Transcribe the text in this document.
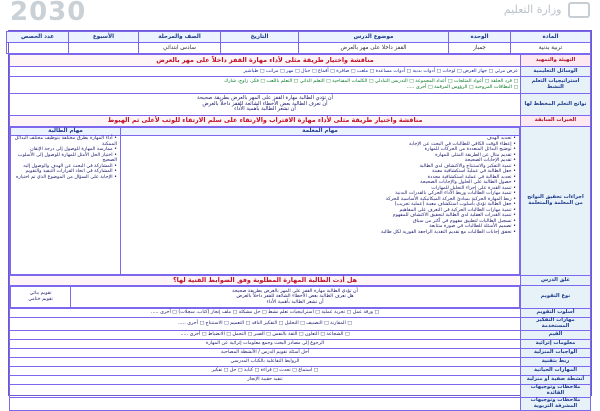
2030	وزارة التعليم
المادة	الوحدة	موضوع الدرس	التاريخ	الصف والمرحلة	الأسبوع	عدد الحصص
تربية بدنية	جمباز	القفز داخلا على مهر بالعرض		سادس ابتدائي		
التهيئة والتمهيد	مناقشة واختيار طريقة مثلى لأداء مهارة القفز داخلاً على مهر بالعرض
الوسائل التعليمية	عرض مرئي □ جهاز العرض □ لوحات □ أدوات بدنية □ أدوات مساعدة □ ملعب □ صافرة □ أقماع □ حبال □ مهر □ مراتب □ طباشير
استراتيجيات التعلم النشط	
□ قرد الحلقة □ أعواد المثلجات □ أعداد المجموعة □ التدريس التبادلي □ الكلمات المفتاحية □ التعلم الذاتي □ التعلم باللعب □ فكر، زاوج، شارك
□ البطاقات المروحية □ الرؤوس المرقمة □ أخرى .....

نواتج التعلم المخطط لها	
أن تؤدي الطالبة مهارة القفز على المهر بالعرض بطريقة صحيحة
أن تعرف الطالبة بعض الأخطاء الشائعة للقفز داخلاً بالعرض
أن تشعر الطالبة بأهمية الأداء

الخبرات السابقة	مناقشة واختيار طريقة مثلى لأداء مهارة الاقتراب والارتقاء على سلم الارتقاء للوثب لأعلى ثم الهبوط
اجراءات تحقيق النواتج من المعلمة والمتعلمة	
مهام المعلمة	مهام الطالبة

• تحديد الهدف
• إعطاء الوقت الكافي للطالبات في البحث عن الإجابة
• توضيح البدائل المتعددة من الحركات للمهارة
• تقديم مثال عن الطريقة المثلى للمهارة
• تقديم الإجابات الصحيحة
• تنمية التفكير والاستنتاج والاكتشاف لدى الطالبة
• جعل الطالبة في عملية استكشافية معينة
• تحديد الطالبة في عملية استكشافية محددة
• حصول الطالبة على الحلول والإجابات الصحيحة
• تنمية القدرة على إجراء التحليل للمهارات
• تنمية مهارات الطالبات وربط الأداء الحركي بالقدرات البدنية
• ربط المهارة الحركية بمبادئ الحركة الميكانيكية الأساسية للحركة
• جعل الطالبة تؤدي بأسلوب استكشاف معينة (عملية تجريب)
• تنمية مهارات الطالبات الحركية في التعرف على المفاهيم
• تنمية القدرات العقلية لدى الطالبة لتحقيق الاكتشاف للمفهوم
• تسجيل الطالبات لتطبيق مفهوم في أكثر من سياق
• تصميم الأسئلة للطالبات في صورة متتابعة
• تحقق إجابات الطالبات مع تقديم التغذية الراجعة الفورية لكل طالبة

• أداء المهارة بطرق مختلفة بتوظيف مختلف البدائل الممكنة
• ممارسة المهارة للوصول إلى درجة الإتقان
• اختيار الحل الأمثل للمهارة للوصول إلى الأسلوب الصحيح
• المشاركة في البحث عن الهدف والوصول إليه
• المشاركة في اتخاذ القرارات التنفيذ والتقويم
• الإجابة على السؤال من الموضوع الذي تم اختياره

غلق الدرس	هل أدت الطالبة المهارة المطلوبة وفق الضوابط الفنية لها؟
نوع التقويم	
أن تؤدي الطالبة مهارة القفز على المهر بالعرض بطريقة صحيحة
هل تعرف الطالبة بعض الأخطاء الشائعة للقفز داخلاً بالعرض
أن تشعر الطالبة بأهمية الأداء

تقويم بنائي
تقويم ختامي

أسلوب التقويم	□ ورقة عمل □ تجربة عملية □ استراتيجيات تعلم نشط □ حل مشكلة □ ملف إنجاز (كتاب، سجلات) □ أخرى .....
مهارات التفكير المستخدمة	□ المقارنة □ التصنيف □ التحليل □ التفكير الناقد □ التعميم □ الاستنتاج □ أخرى .....
القيم	□ الشجاعة □ التعاون □ الثقة بالنفس □ الصبر □ التحمل □ الانضباط □ أخرى .....
معلومات إثرائية	الرجوع إلى مصادر البحث وجمع معلومات إثرائية عن المهارة
الواجبات المنزلية	أحل أسئلة تقويم الدرس / الأنشطة المصاحبة
ربط بتقنية	الروابط التفاعلية بالكتاب المدرسي
المهارات الحياتية	□ استماع □ تحدث □ قراءة □ كتابة □ حل □ تفكير
أنشطة صفية أو منزلية	تنفيذ حقيبة الإنجاز
ملاحظات وتوجيهات القائدة	
ملاحظات وتوجيهات المشرفة التربوية	
